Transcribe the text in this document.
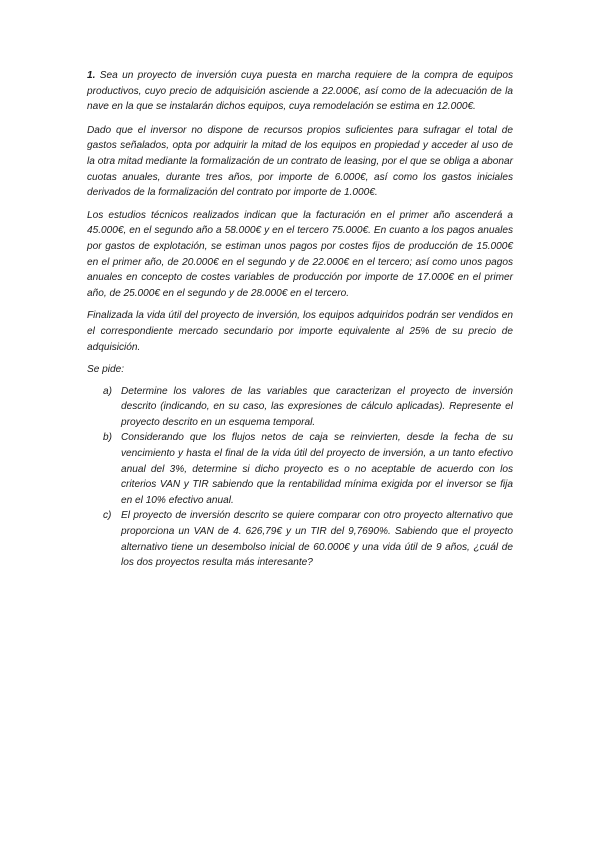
1. Sea un proyecto de inversión cuya puesta en marcha requiere de la compra de equipos productivos, cuyo precio de adquisición asciende a 22.000€, así como de la adecuación de la nave en la que se instalarán dichos equipos, cuya remodelación se estima en 12.000€.

Dado que el inversor no dispone de recursos propios suficientes para sufragar el total de gastos señalados, opta por adquirir la mitad de los equipos en propiedad y acceder al uso de la otra mitad mediante la formalización de un contrato de leasing, por el que se obliga a abonar cuotas anuales, durante tres años, por importe de 6.000€, así como los gastos iniciales derivados de la formalización del contrato por importe de 1.000€.

Los estudios técnicos realizados indican que la facturación en el primer año ascenderá a 45.000€, en el segundo año a 58.000€ y en el tercero 75.000€. En cuanto a los pagos anuales por gastos de explotación, se estiman unos pagos por costes fijos de producción de 15.000€ en el primer año, de 20.000€ en el segundo y de 22.000€ en el tercero; así como unos pagos anuales en concepto de costes variables de producción por importe de 17.000€ en el primer año, de 25.000€ en el segundo y de 28.000€ en el tercero.

Finalizada la vida útil del proyecto de inversión, los equipos adquiridos podrán ser vendidos en el correspondiente mercado secundario por importe equivalente al 25% de su precio de adquisición.

Se pide:

a) Determine los valores de las variables que caracterizan el proyecto de inversión descrito (indicando, en su caso, las expresiones de cálculo aplicadas). Represente el proyecto descrito en un esquema temporal.
b) Considerando que los flujos netos de caja se reinvierten, desde la fecha de su vencimiento y hasta el final de la vida útil del proyecto de inversión, a un tanto efectivo anual del 3%, determine si dicho proyecto es o no aceptable de acuerdo con los criterios VAN y TIR sabiendo que la rentabilidad mínima exigida por el inversor se fija en el 10% efectivo anual.
c) El proyecto de inversión descrito se quiere comparar con otro proyecto alternativo que proporciona un VAN de 4. 626,79€ y un TIR del 9,7690%. Sabiendo que el proyecto alternativo tiene un desembolso inicial de 60.000€ y una vida útil de 9 años, ¿cuál de los dos proyectos resulta más interesante?
